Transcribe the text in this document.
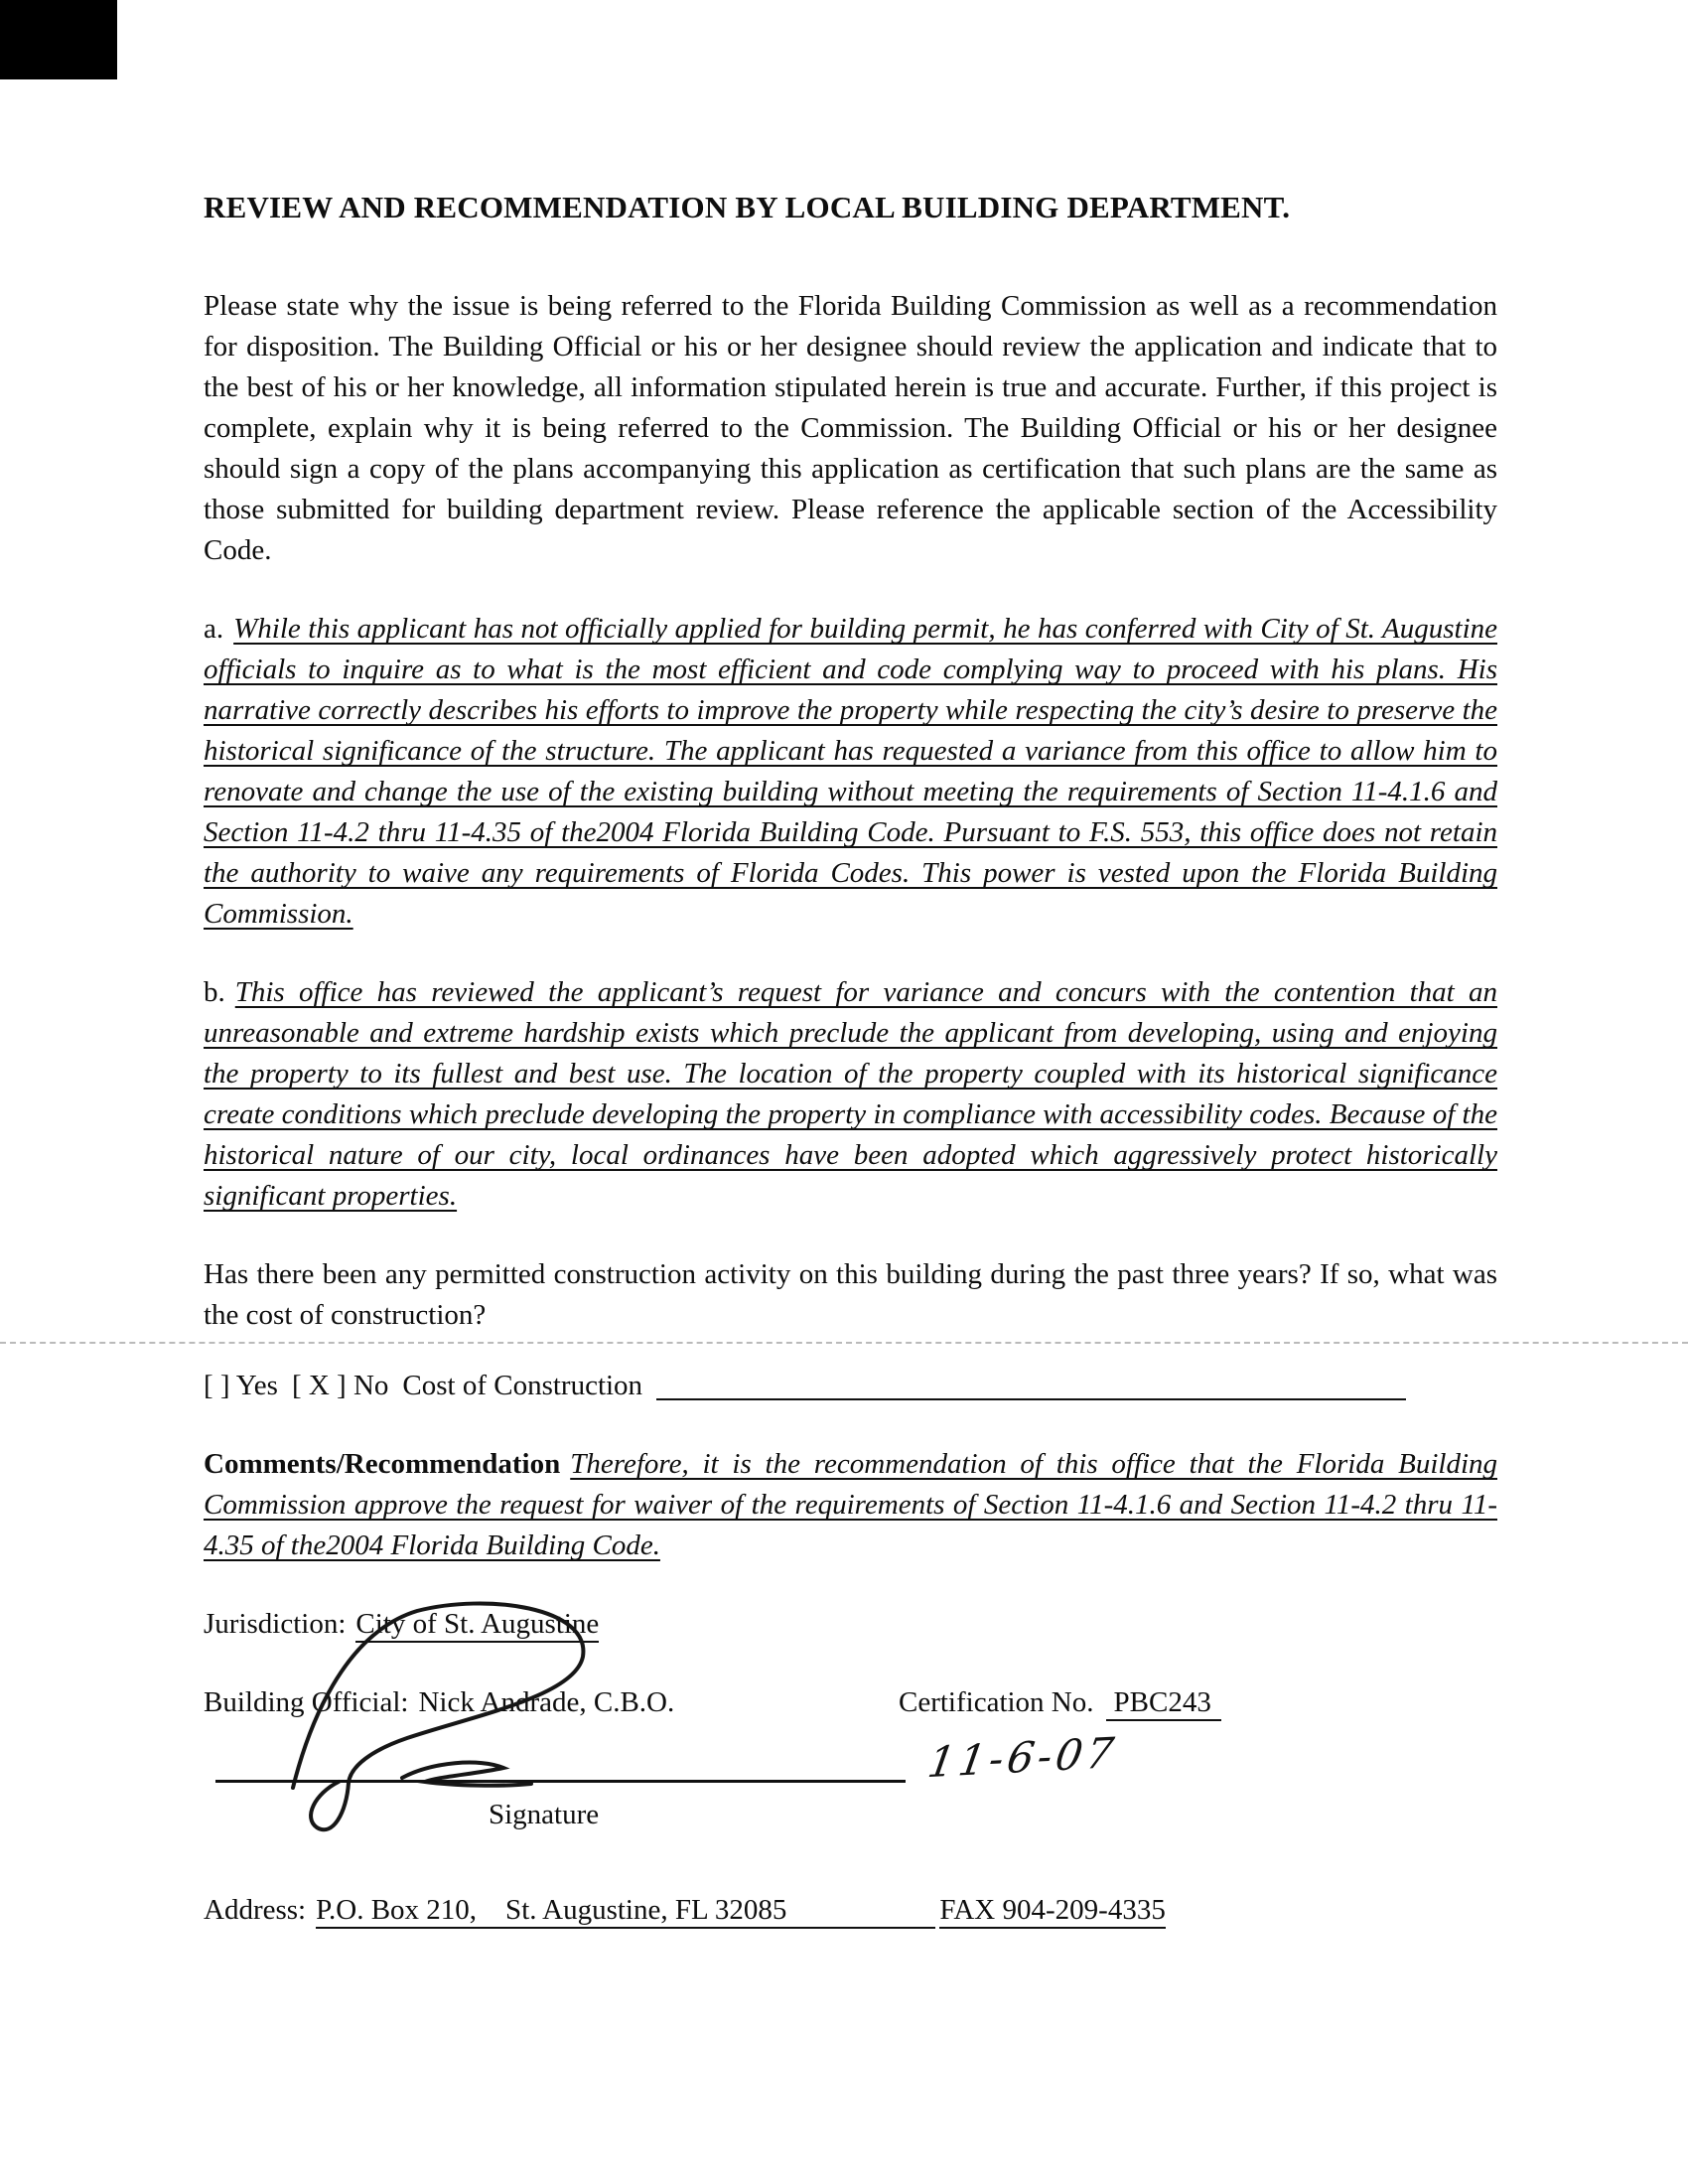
REVIEW AND RECOMMENDATION BY LOCAL BUILDING DEPARTMENT.

Please state why the issue is being referred to the Florida Building Commission as well as a recommendation for disposition. The Building Official or his or her designee should review the application and indicate that to the best of his or her knowledge, all information stipulated herein is true and accurate. Further, if this project is complete, explain why it is being referred to the Commission. The Building Official or his or her designee should sign a copy of the plans accompanying this application as certification that such plans are the same as those submitted for building department review. Please reference the applicable section of the Accessibility Code.

a. While this applicant has not officially applied for building permit, he has conferred with City of St. Augustine officials to inquire as to what is the most efficient and code complying way to proceed with his plans. His narrative correctly describes his efforts to improve the property while respecting the city’s desire to preserve the historical significance of the structure. The applicant has requested a variance from this office to allow him to renovate and change the use of the existing building without meeting the requirements of Section 11-4.1.6 and Section 11-4.2 thru 11-4.35 of the2004 Florida Building Code. Pursuant to F.S. 553, this office does not retain the authority to waive any requirements of Florida Codes. This power is vested upon the Florida Building Commission.

b. This office has reviewed the applicant’s request for variance and concurs with the contention that an unreasonable and extreme hardship exists which preclude the applicant from developing, using and enjoying the property to its fullest and best use. The location of the property coupled with its historical significance create conditions which preclude developing the property in compliance with accessibility codes. Because of the historical nature of our city, local ordinances have been adopted which aggressively protect historically significant properties.

Has there been any permitted construction activity on this building during the past three years? If so, what was the cost of construction?

[ ] Yes [ X ] No Cost of Construction

Comments/Recommendation Therefore, it is the recommendation of this office that the Florida Building Commission approve the request for waiver of the requirements of Section 11-4.1.6 and Section 11-4.2 thru 11-4.35 of the2004 Florida Building Code.

Jurisdiction: City of St. Augustine

Building Official: Nick Andrade, C.B.O.	Certification No. PBC243
11-6-07
Signature
Address: P.O. Box 210,    St. Augustine, FL 32085	FAX 904-209-4335
